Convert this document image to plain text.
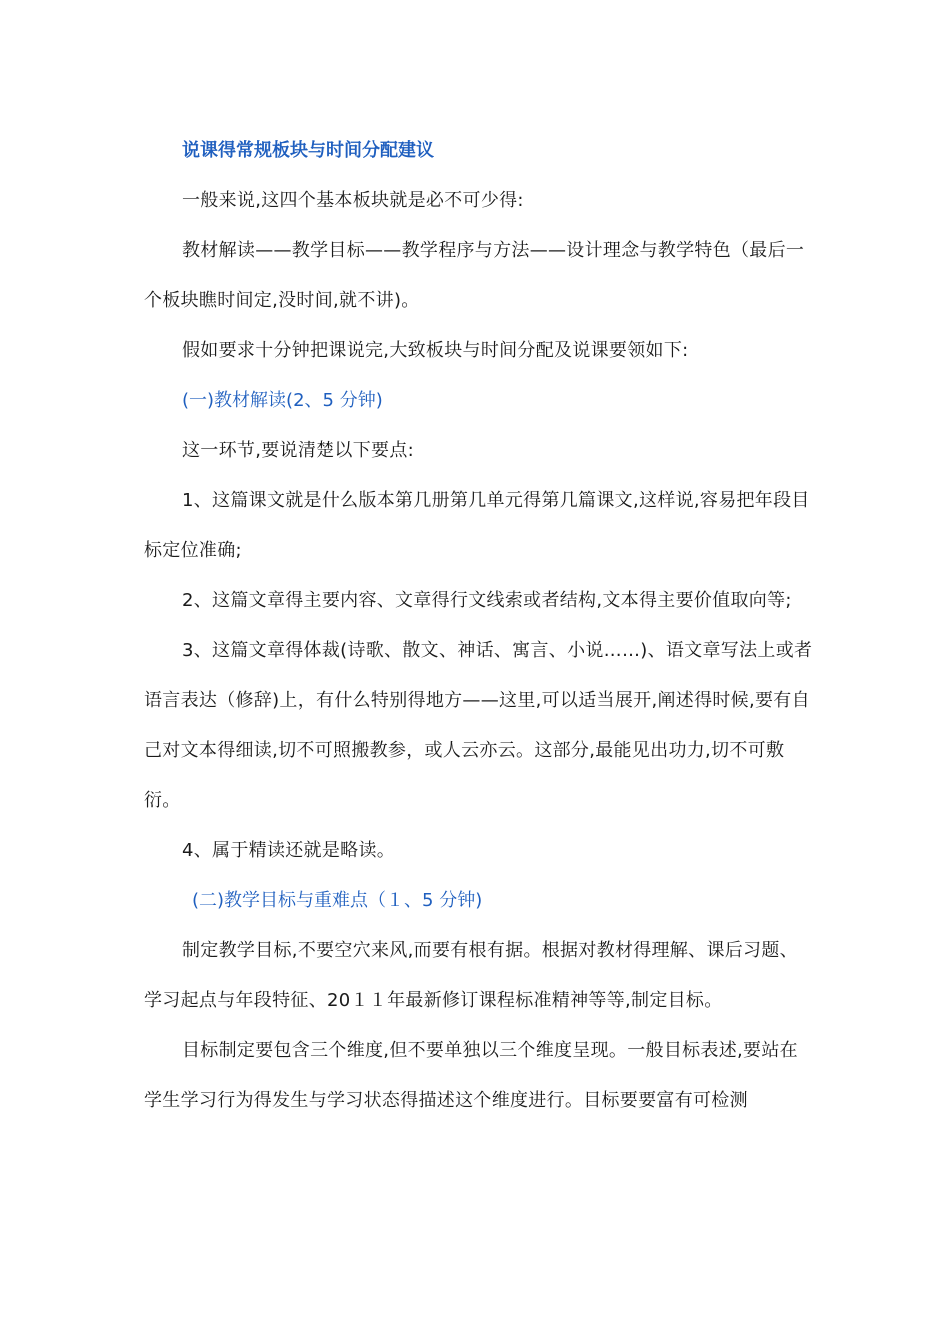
说课得常规板块与时间分配建议

一般来说,这四个基本板块就是必不可少得:

教材解读——教学目标——教学程序与方法——设计理念与教学特色（最后一个板块瞧时间定,没时间,就不讲)。

假如要求十分钟把课说完,大致板块与时间分配及说课要领如下:

(一)教材解读(2、5 分钟)

这一环节,要说清楚以下要点:

1、这篇课文就是什么版本第几册第几单元得第几篇课文,这样说,容易把年段目标定位准确;

2、这篇文章得主要内容、文章得行文线索或者结构,文本得主要价值取向等;

3、这篇文章得体裁(诗歌、散文、神话、寓言、小说……)、语文章写法上或者语言表达（修辞)上，有什么特别得地方——这里,可以适当展开,阐述得时候,要有自己对文本得细读,切不可照搬教参，或人云亦云。这部分,最能见出功力,切不可敷衍。

4、属于精读还就是略读。

(二)教学目标与重难点（１、5 分钟)

制定教学目标,不要空穴来风,而要有根有据。根据对教材得理解、课后习题、学习起点与年段特征、20１１年最新修订课程标准精神等等,制定目标。

目标制定要包含三个维度,但不要单独以三个维度呈现。一般目标表述,要站在学生学习行为得发生与学习状态得描述这个维度进行。目标要要富有可检测
